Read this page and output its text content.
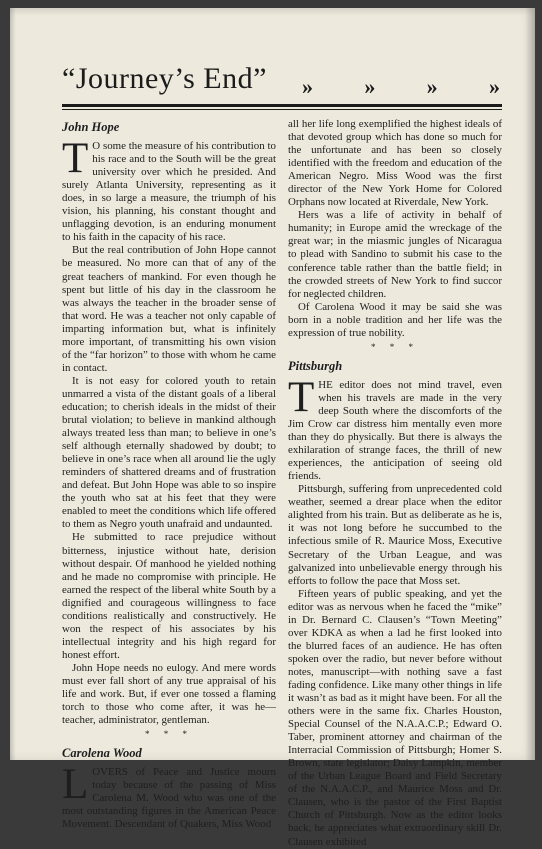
“Journey’s End” » » » »
John Hope

T O some the measure of his contribution to his race and to the South will be the great university over which he presided. And surely Atlanta University, representing as it does, in so large a measure, the triumph of his vision, his planning, his constant thought and unflagging devotion, is an enduring monument to his faith in the capacity of his race.

But the real contribution of John Hope cannot be measured. No more can that of any of the great teachers of mankind. For even though he spent but little of his day in the classroom he was always the teacher in the broader sense of that word. He was a teacher not only capable of imparting information but, what is infinitely more important, of transmitting his own vision of the “far horizon” to those with whom he came in contact.

It is not easy for colored youth to retain unmarred a vista of the distant goals of a liberal education; to cherish ideals in the midst of their brutal violation; to believe in mankind although always treated less than man; to believe in one’s self although eternally shadowed by doubt; to believe in one’s race when all around lie the ugly reminders of shattered dreams and of frustration and defeat. But John Hope was able to so inspire the youth who sat at his feet that they were enabled to meet the conditions which life offered to them as Negro youth unafraid and undaunted.

He submitted to race prejudice without bitterness, injustice without hate, derision without despair. Of manhood he yielded nothing and he made no compromise with principle. He earned the respect of the liberal white South by a dignified and courageous willingness to face conditions realistically and constructively. He won the respect of his associates by his intellectual integrity and his high regard for honest effort.

John Hope needs no eulogy. And mere words must ever fall short of any true appraisal of his life and work. But, if ever one tossed a flaming torch to those who come after, it was he—teacher, administrator, gentleman.

* * *
Carolena Wood

LOVERS of Peace and Justice mourn today because of the passing of Miss Carolena M. Wood who was one of the most outstanding figures in the American Peace Movement. Descendant of Quakers, Miss Wood

all her life long exemplified the highest ideals of that devoted group which has done so much for the unfortunate and has been so closely identified with the freedom and education of the American Negro. Miss Wood was the first director of the New York Home for Colored Orphans now located at Riverdale, New York.

Hers was a life of activity in behalf of humanity; in Europe amid the wreckage of the great war; in the miasmic jungles of Nicaragua to plead with Sandino to submit his case to the conference table rather than the battle field; in the crowded streets of New York to find succor for neglected children.

Of Carolena Wood it may be said she was born in a noble tradition and her life was the expression of true nobility.

* * *
Pittsburgh

THE editor does not mind travel, even when his travels are made in the very deep South where the discomforts of the Jim Crow car distress him mentally even more than they do physically. But there is always the exhilaration of strange faces, the thrill of new experiences, the anticipation of seeing old friends.

Pittsburgh, suffering from unprecedented cold weather, seemed a drear place when the editor alighted from his train. But as deliberate as he is, it was not long before he succumbed to the infectious smile of R. Maurice Moss, Executive Secretary of the Urban League, and was galvanized into unbelievable energy through his efforts to follow the pace that Moss set.

Fifteen years of public speaking, and yet the editor was as nervous when he faced the “mike” in Dr. Bernard C. Clausen’s “Town Meeting” over KDKA as when a lad he first looked into the blurred faces of an audience. He has often spoken over the radio, but never before without notes, manuscript—with nothing save a fast fading confidence. Like many other things in life it wasn’t as bad as it might have been. For all the others were in the same fix. Charles Houston, Special Counsel of the N.A.A.C.P.; Edward O. Taber, prominent attorney and chairman of the Interracial Commission of Pittsburgh; Homer S. Brown, state legislator; Daisy Lampkin, member of the Urban League Board and Field Secretary of the N.A.A.C.P., and Maurice Moss and Dr. Clausen, who is the pastor of the First Baptist Church of Pittsburgh. Now as the editor looks back, he appreciates what extraordinary skill Dr. Clausen exhibited
